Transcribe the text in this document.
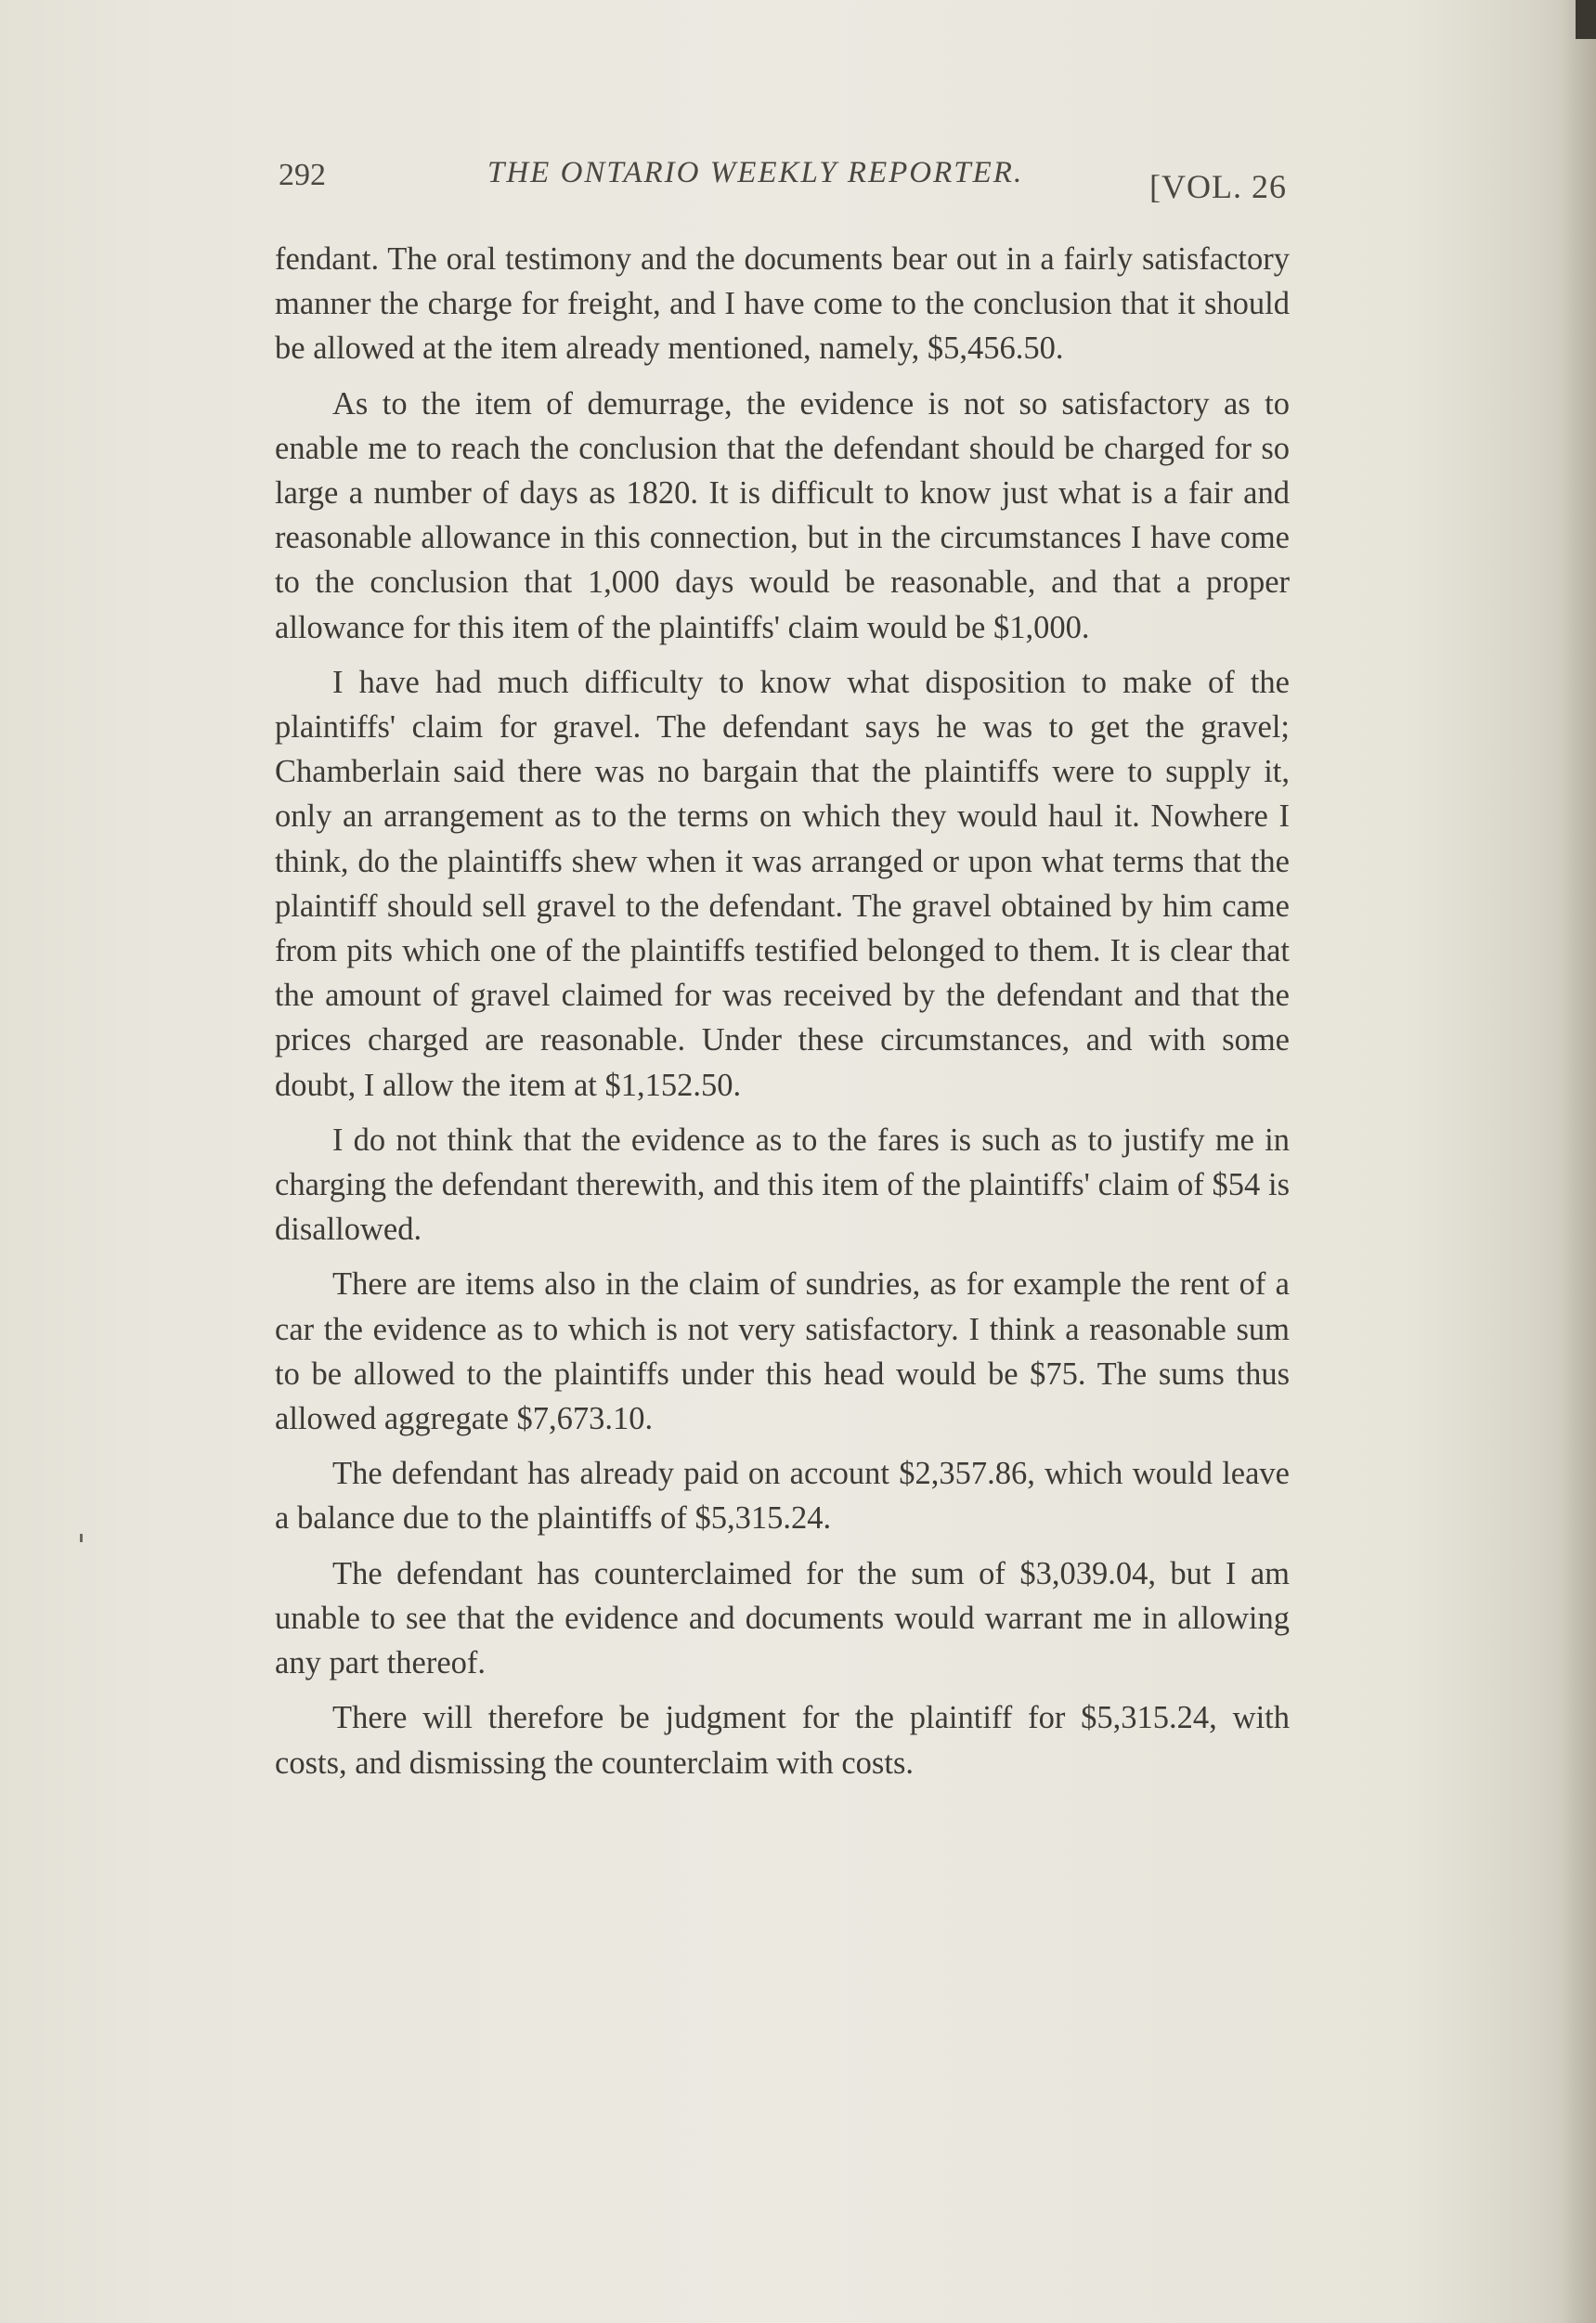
292	THE ONTARIO WEEKLY REPORTER.	[VOL. 26

fendant. The oral testimony and the documents bear out in a fairly satisfactory manner the charge for freight, and I have come to the conclusion that it should be allowed at the item already mentioned, namely, $5,456.50.

As to the item of demurrage, the evidence is not so satisfactory as to enable me to reach the conclusion that the defendant should be charged for so large a number of days as 1820. It is difficult to know just what is a fair and reasonable allowance in this connection, but in the circumstances I have come to the conclusion that 1,000 days would be reasonable, and that a proper allowance for this item of the plaintiffs' claim would be $1,000.

I have had much difficulty to know what disposition to make of the plaintiffs' claim for gravel. The defendant says he was to get the gravel; Chamberlain said there was no bargain that the plaintiffs were to supply it, only an arrangement as to the terms on which they would haul it. Nowhere I think, do the plaintiffs shew when it was arranged or upon what terms that the plaintiff should sell gravel to the defendant. The gravel obtained by him came from pits which one of the plaintiffs testified belonged to them. It is clear that the amount of gravel claimed for was received by the defendant and that the prices charged are reasonable. Under these circumstances, and with some doubt, I allow the item at $1,152.50.

I do not think that the evidence as to the fares is such as to justify me in charging the defendant therewith, and this item of the plaintiffs' claim of $54 is disallowed.

There are items also in the claim of sundries, as for example the rent of a car the evidence as to which is not very satisfactory. I think a reasonable sum to be allowed to the plaintiffs under this head would be $75. The sums thus allowed aggregate $7,673.10.

The defendant has already paid on account $2,357.86, which would leave a balance due to the plaintiffs of $5,315.24.

The defendant has counterclaimed for the sum of $3,039.04, but I am unable to see that the evidence and documents would warrant me in allowing any part thereof.

There will therefore be judgment for the plaintiff for $5,315.24, with costs, and dismissing the counterclaim with costs.
